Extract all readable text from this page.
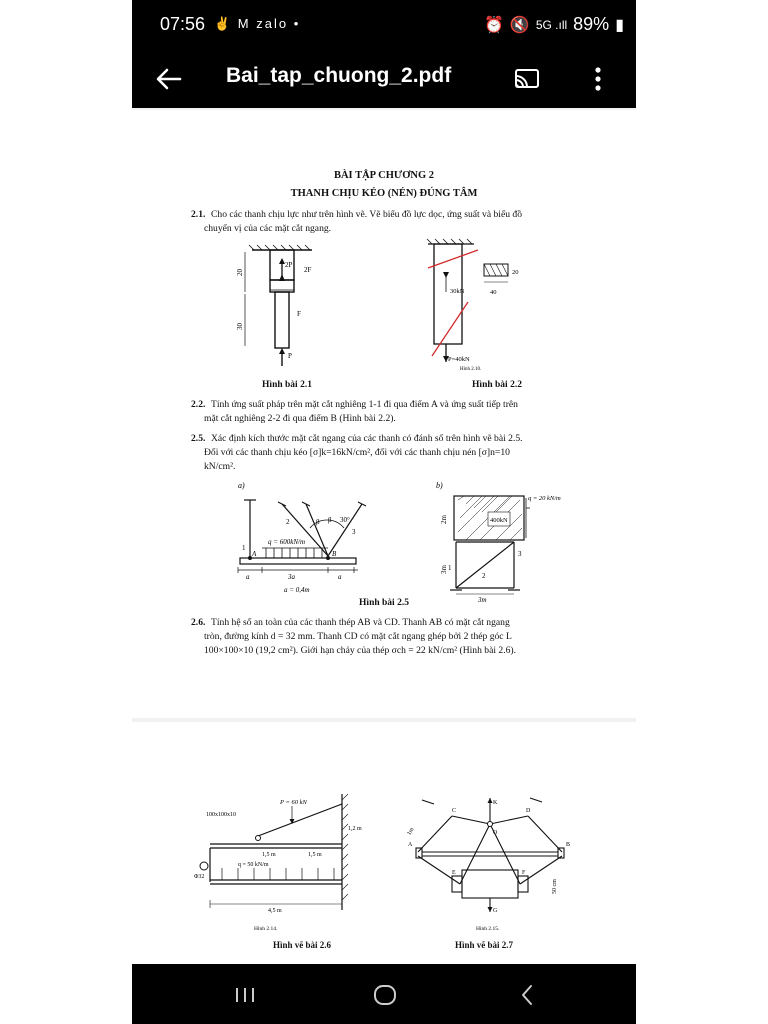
07:56 ✌ M zalo •	⏰ 🔇 5G .ıll 89% ▮
Bai_tap_chuong_2.pdf
BÀI TẬP CHƯƠNG 2
THANH CHỊU KÉO (NÉN) ĐÚNG TÂM
2.1. Cho các thanh chịu lực như trên hình vẽ. Vẽ biểu đồ lực dọc, ứng suất và biểu đồ
chuyển vị của các mặt cắt ngang.
2P
2F
F
P
20
30
Hình bài 2.1
30kN	40
20
P=40kN
Hình 2.10.
Hình bài 2.2
2.2. Tính ứng suất pháp trên mặt cắt nghiêng 1-1 đi qua điểm A và ứng suất tiếp trên
mặt cắt nghiêng 2-2 đi qua điểm B (Hình bài 2.2).
2.5. Xác định kích thước mặt cắt ngang của các thanh có đánh số trên hình vẽ bài 2.5.
Đối với các thanh chịu kéo [σ]k=16kN/cm², đối với các thanh chịu nén [σ]n=10
kN/cm².
a)
q = 600kN/m
a	3a	a
a = 0,4m
A	B
1
2
3
β β 30°
b)
400kN
q = 20 kN/m
2m
3m
3m
1
2
3
Hình bài 2.5
2.6. Tính hệ số an toàn của các thanh thép AB và CD. Thanh AB có mặt cắt ngang
tròn, đường kính d = 32 mm. Thanh CD có mặt cắt ngang ghép bởi 2 thép góc L
100×100×10 (19,2 cm²). Giới hạn chảy của thép σch = 22 kN/cm² (Hình bài 2.6).
P = 60 kN
100x100x10
1,5 m	1,5 m
q = 50 kN/m
4,5 m
1,2 m
Φ32
Hình 2.14.
Hình vẽ bài 2.6
K
C	D
O
A	B
E	F
G
1m
50 cm
Hình 2.15.
Hình vẽ bài 2.7
